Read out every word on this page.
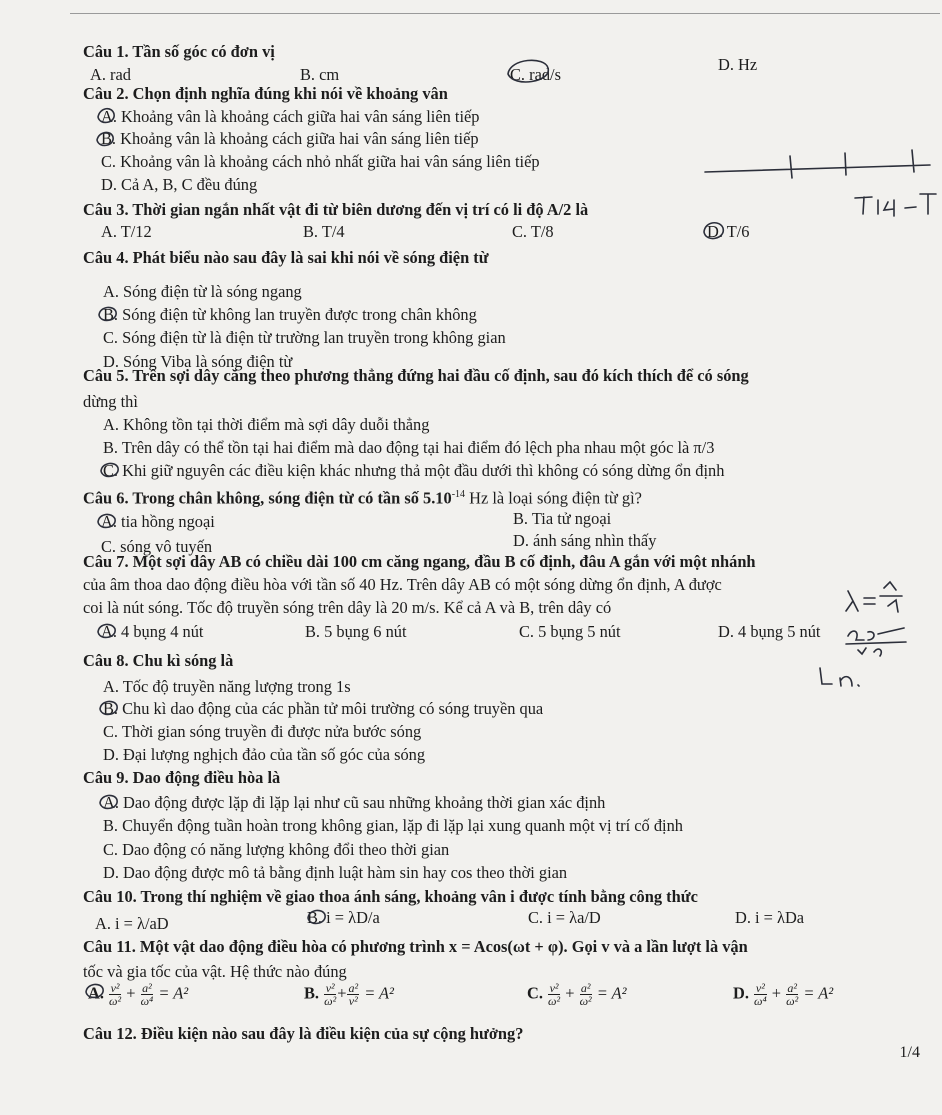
Câu 1. Tần số góc có đơn vị
A. rad	B. cm	C. rad/s
D. Hz
Câu 2. Chọn định nghĩa đúng khi nói về khoảng vân
A. Khoảng vân là khoảng cách giữa hai vân sáng liên tiếp
B. Khoảng vân là khoảng cách giữa hai vân sáng liên tiếp
C. Khoảng vân là khoảng cách nhỏ nhất giữa hai vân sáng liên tiếp
D. Cả A, B, C đều đúng
Câu 3. Thời gian ngắn nhất vật đi từ biên dương đến vị trí có li độ A/2 là
A. T/12	B. T/4	C. T/8	D. T/6
Câu 4. Phát biểu nào sau đây là sai khi nói về sóng điện từ
A. Sóng điện từ là sóng ngang
B. Sóng điện từ không lan truyền được trong chân không
C. Sóng điện từ là điện từ trường lan truyền trong không gian
D. Sóng Viba là sóng điện từ
Câu 5. Trên sợi dây căng theo phương thẳng đứng hai đầu cố định, sau đó kích thích để có sóng
dừng thì
A. Không tồn tại thời điểm mà sợi dây duỗi thẳng
B. Trên dây có thể tồn tại hai điểm mà dao động tại hai điểm đó lệch pha nhau một góc là π/3
C. Khi giữ nguyên các điều kiện khác nhưng thả một đầu dưới thì không có sóng dừng ổn định
Câu 6. Trong chân không, sóng điện từ có tần số $5.10^{-14}$ Hz là loại sóng điện từ gì?
A. tia hồng ngoại	B. Tia tử ngoại
C. sóng vô tuyến	D. ánh sáng nhìn thấy
Câu 7. Một sợi dây AB có chiều dài 100 cm căng ngang, đầu B cố định, đâu A gắn với một nhánh
của âm thoa dao động điều hòa với tần số 40 Hz. Trên dây AB có một sóng dừng ổn định, A được
coi là nút sóng. Tốc độ truyền sóng trên dây là 20 m/s. Kể cả A và B, trên dây có
A. 4 bụng 4 nút	B. 5 bụng 6 nút	C. 5 bụng 5 nút	D. 4 bụng 5 nút
Câu 8. Chu kì sóng là
A. Tốc độ truyền năng lượng trong 1s
B. Chu kì dao động của các phần tử môi trường có sóng truyền qua
C. Thời gian sóng truyền đi được nửa bước sóng
D. Đại lượng nghịch đảo của tần số góc của sóng
Câu 9. Dao động điều hòa là
A. Dao động được lặp đi lặp lại như cũ sau những khoảng thời gian xác định
B. Chuyển động tuần hoàn trong không gian, lặp đi lặp lại xung quanh một vị trí cố định
C. Dao động có năng lượng không đổi theo thời gian
D. Dao động được mô tả bằng định luật hàm sin hay cos theo thời gian
Câu 10. Trong thí nghiệm về giao thoa ánh sáng, khoảng vân i được tính bằng công thức
A. i = λ/aD	B. i = λD/a	C. i = λa/D	D. i = λDa
Câu 11. Một vật dao động điều hòa có phương trình x = Acos(ωt + φ). Gọi v và a lần lượt là vận
tốc và gia tốc của vật. Hệ thức nào đúng
A. $\frac{\text{v²}}{\text{ω²}} + \frac{\text{a²}}{\text{ω⁴}} = A^2$	B. $\frac{\text{v²}}{\text{ω²}} + \frac{\text{a²}}{\text{v²}} = A^2$	C. $\frac{\text{v²}}{\text{ω²}} + \frac{\text{a²}}{\text{ω²}} = A^2$	D. $\frac{\text{v²}}{\text{ω⁴}} + \frac{\text{a²}}{\text{ω²}} = A^2$
Câu 12. Điều kiện nào sau đây là điều kiện của sự cộng hưởng?
1/4
